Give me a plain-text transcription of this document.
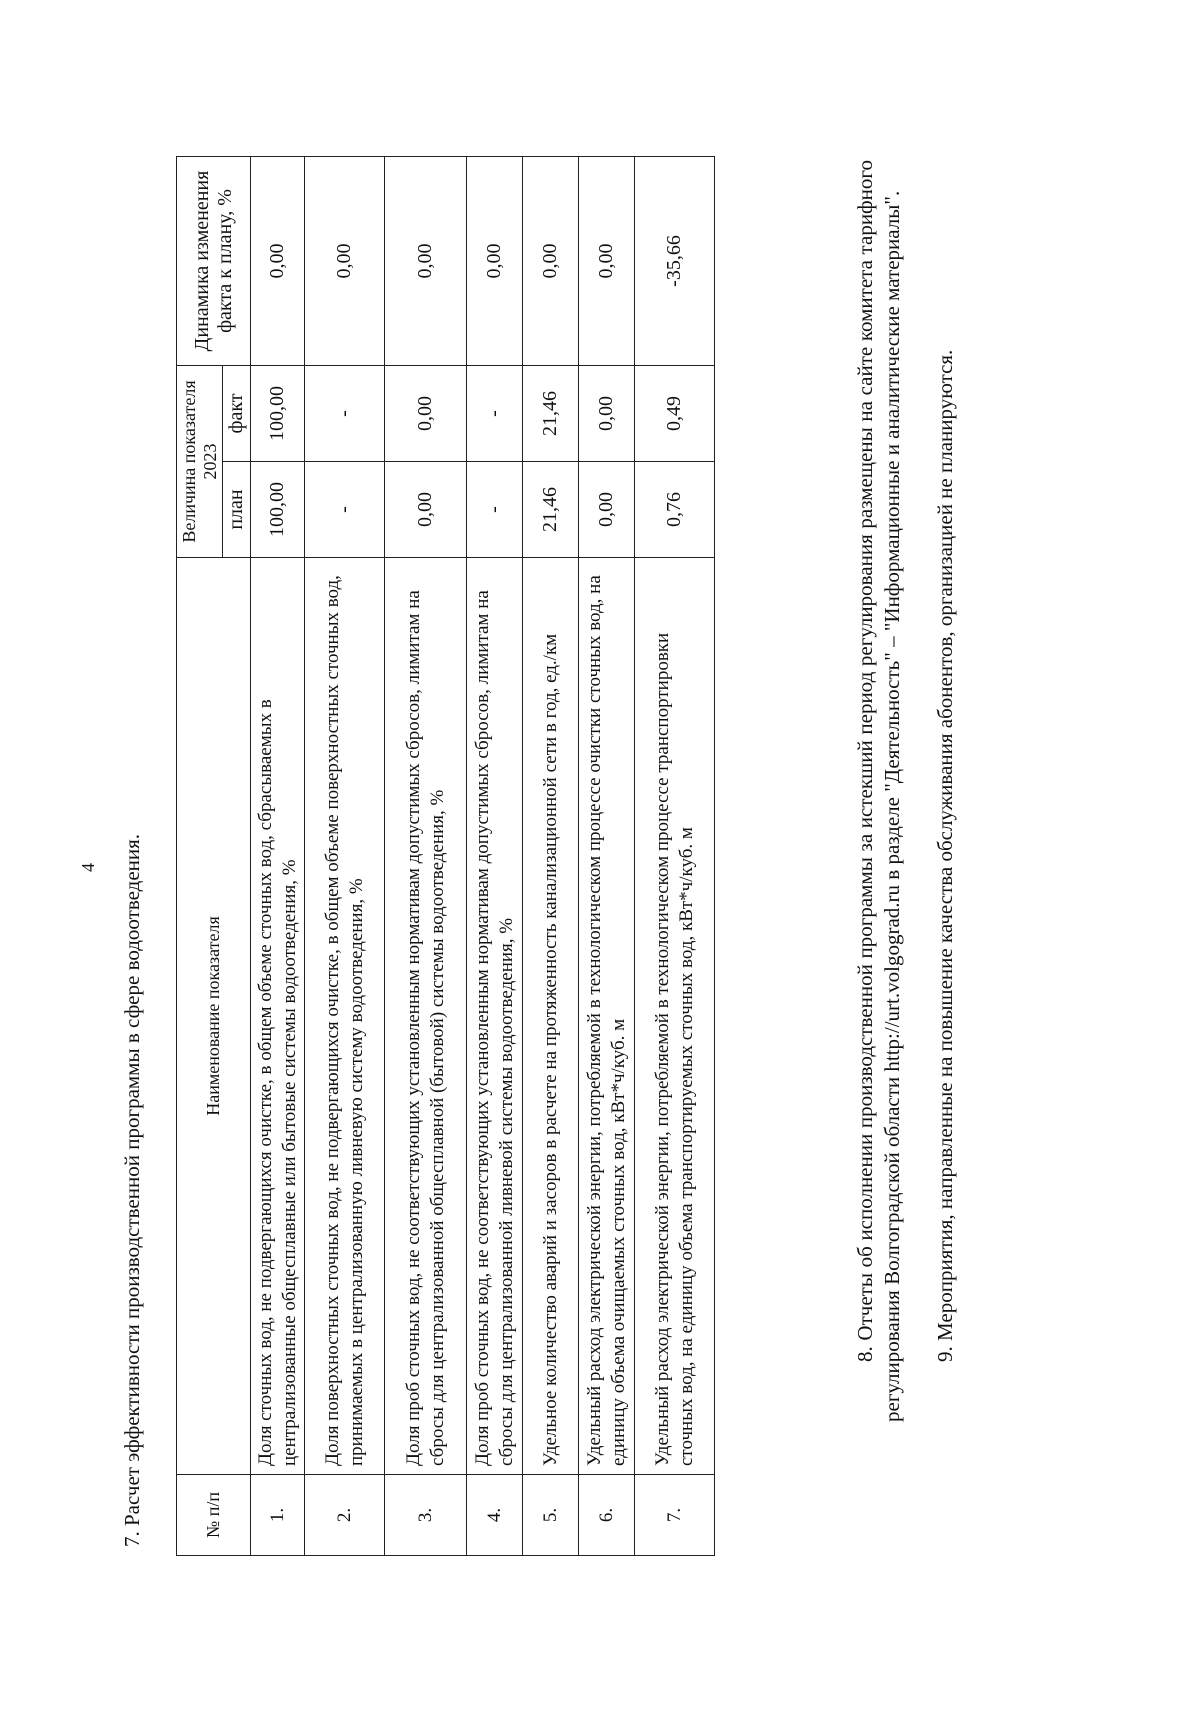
4 7. Расчет эффективности производственной программы в сфере водоотведения.	№ п/п	Наименование показателя	Величина показателя 2023		Динамика изменения факта к плану, %
		план	факт	
1.	Доля сточных вод, не подвергающихся очистке, в общем объеме сточных вод, сбрасываемых в централизованные общесплавные или бытовые системы водоотведения, %	100,00	100,00	0,00
2.	Доля поверхностных сточных вод, не подвергающихся очистке, в общем объеме поверхностных сточных вод, принимаемых в централизованную ливневую систему водоотведения, %	-	-	0,00
3.	Доля проб сточных вод, не соответствующих установленным нормативам допустимых сбросов, лимитам на сбросы для централизованной общесплавной (бытовой) системы водоотведения, %	0,00	0,00	0,00
4.	Доля проб сточных вод, не соответствующих установленным нормативам допустимых сбросов, лимитам на сбросы для централизованной ливневой системы водоотведения, %	-	-	0,00
5.	Удельное количество аварий и засоров в расчете на протяженность канализационной сети в год, ед./км	21,46	21,46	0,00
6.	Удельный расход электрической энергии, потребляемой в технологическом процессе очистки сточных вод, на единицу объема очищаемых сточных вод, кВт*ч/куб. м	0,00	0,00	0,00
7.	Удельный расход электрической энергии, потребляемой в технологическом процессе транспортировки сточных вод, на единицу объема транспортируемых сточных вод, кВт*ч/куб. м	0,76	0,49	-35,66	8. Отчеты об исполнении производственной программы за истекший период регулирования размещены на сайте комитета тарифного регулирования Волгоградской области http://urt.volgograd.ru в разделе "Деятельность" – "Информационные и аналитические материалы". 9. Мероприятия, направленные на повышение качества обслуживания абонентов, организацией не планируются.
